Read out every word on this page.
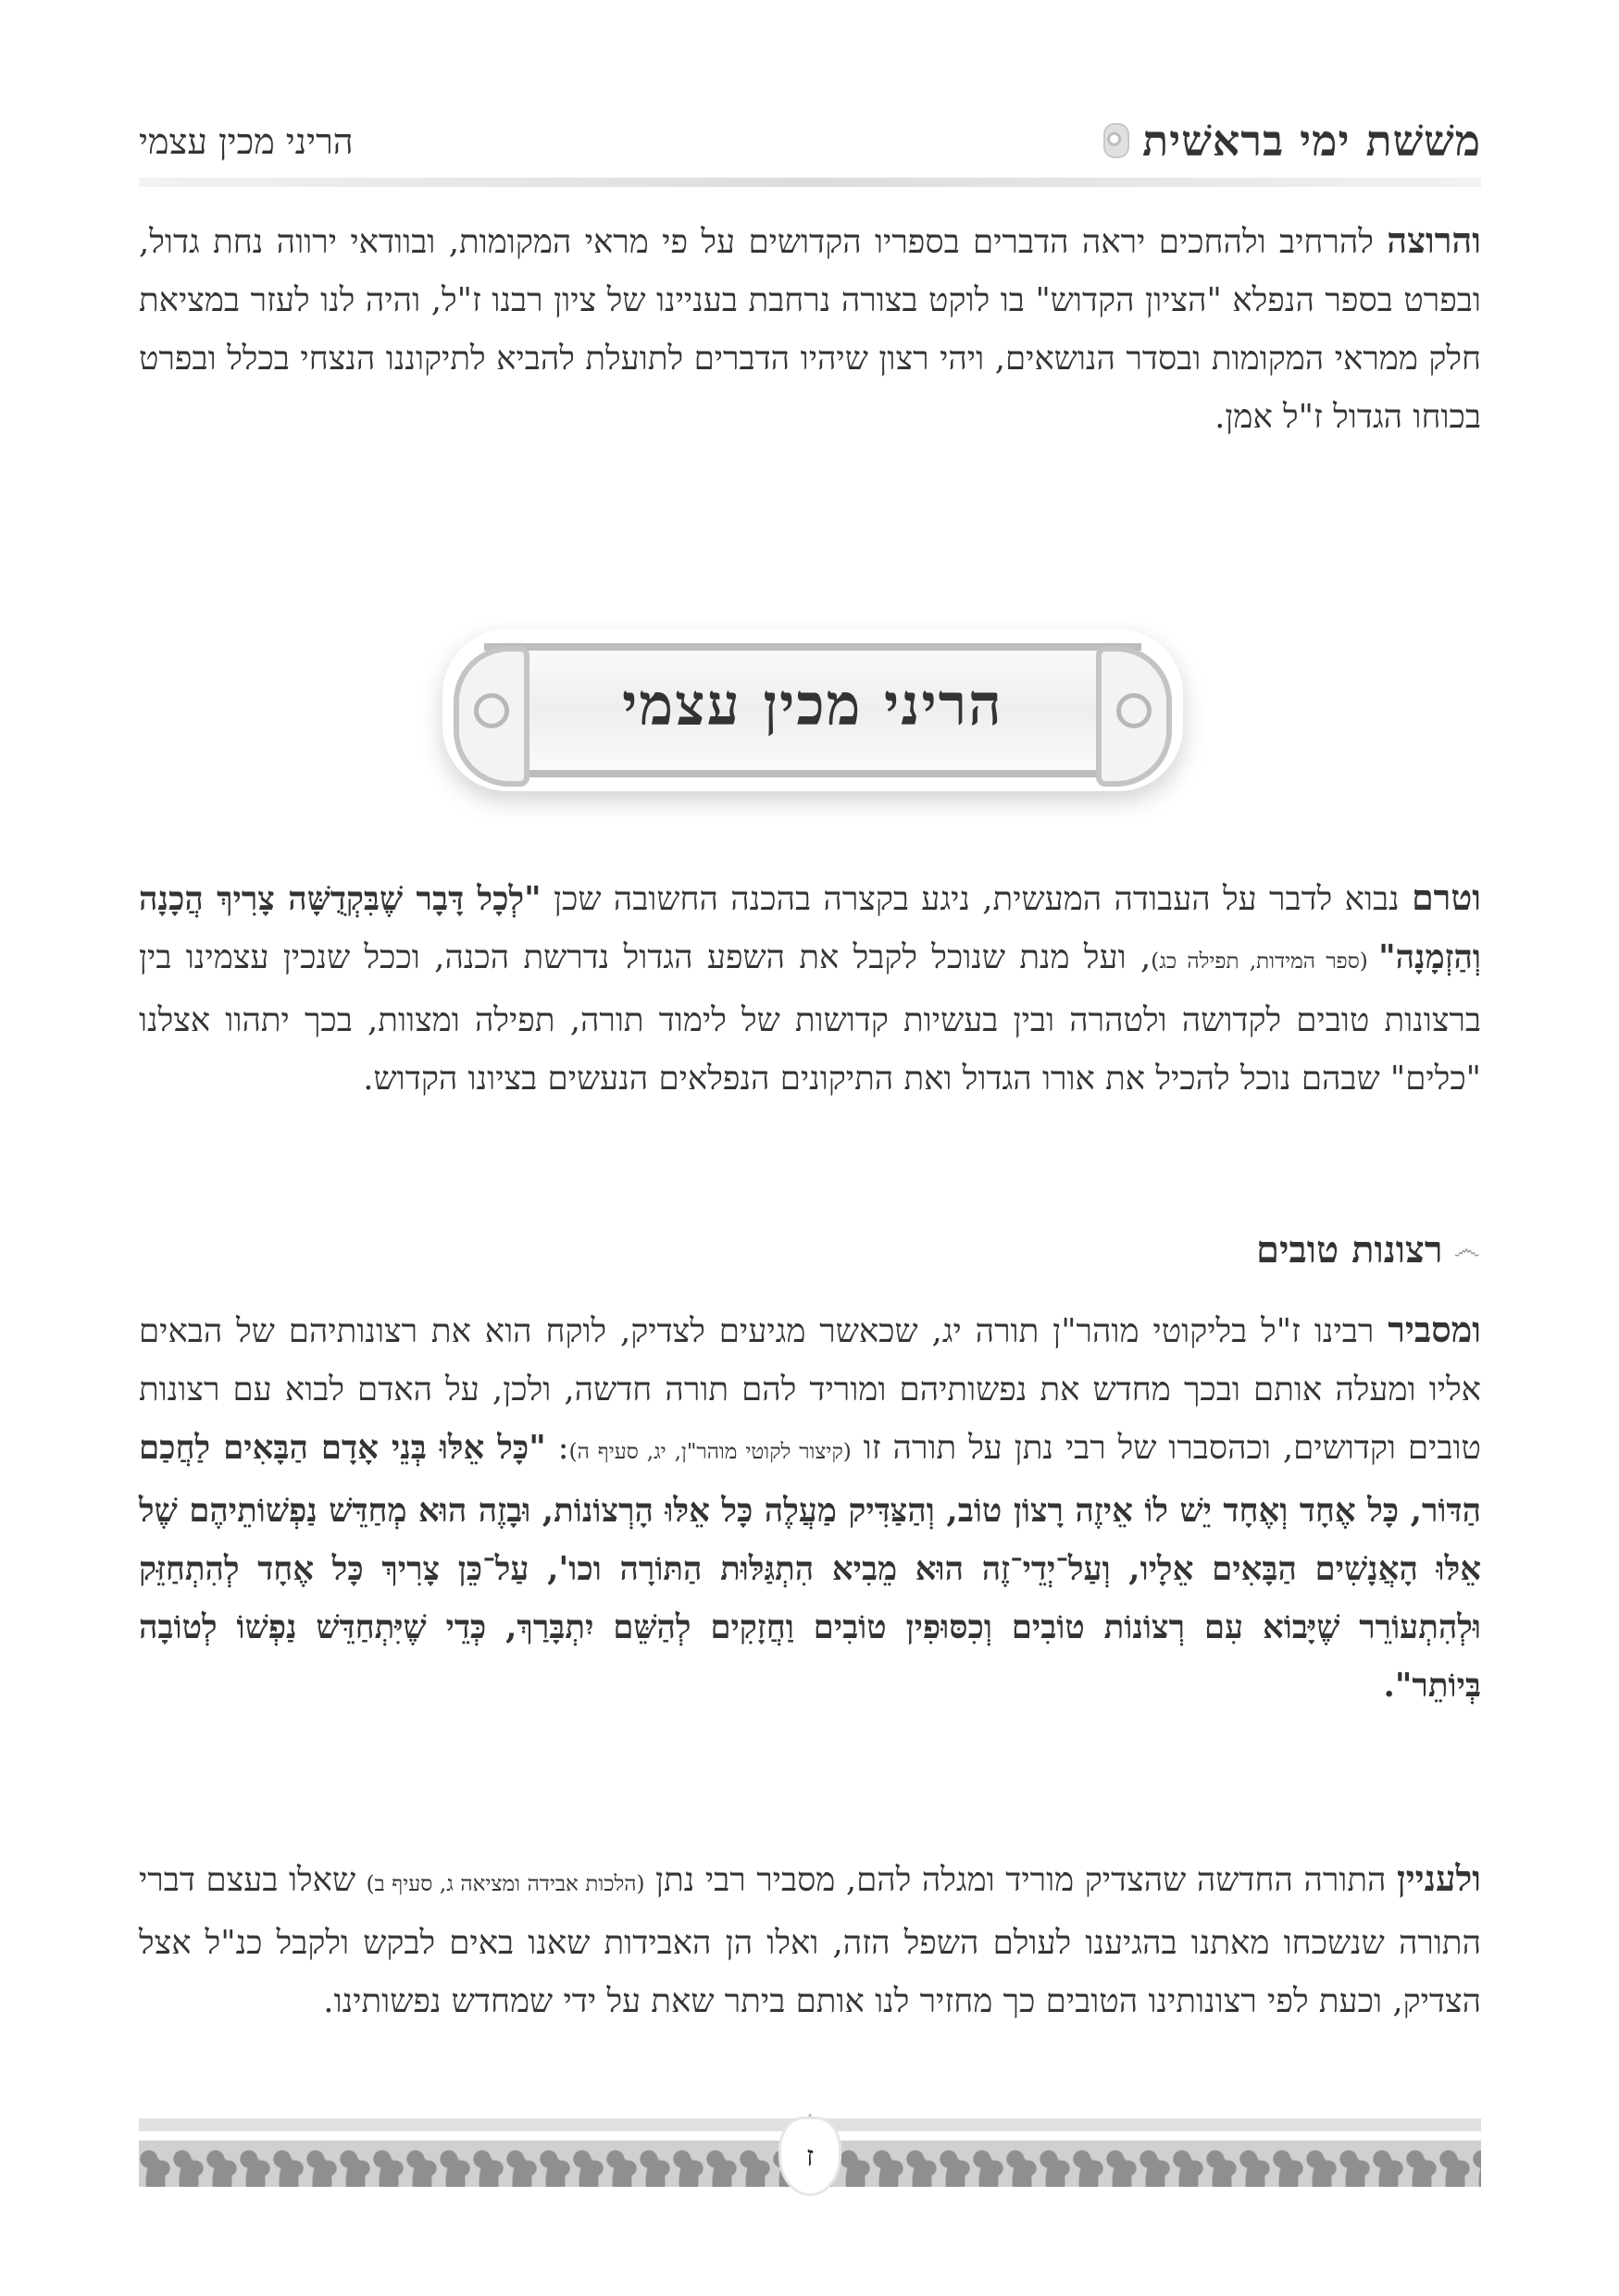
משׁשׁת ימי בראשׁית
הריני מכין עצמי

והרוצה להרחיב ולהחכים יראה הדברים בספריו הקדושים על פי מראי המקומות, ובוודאי ירווה נחת גדול, ובפרט בספר הנפלא "הציון הקדוש" בו לוקט בצורה נרחבת בעניינו של ציון רבנו ז"ל, והיה לנו לעזר במציאת חלק ממראי המקומות ובסדר הנושאים, ויהי רצון שיהיו הדברים לתועלת להביא לתיקוננו הנצחי בכלל ובפרט בכוחו הגדול ז"ל אמן.

הריני מכין עצמי

וטרם נבוא לדבר על העבודה המעשית, ניגע בקצרה בהכנה החשובה שכן "לְכָל דָּבָר שֶׁבִּקְדֻשָּׁה צָרִיךְ הֲכָנָה וְהַזְמָנָה" (ספר המידות, תפילה כג), ועל מנת שנוכל לקבל את השפע הגדול נדרשת הכנה, וככל שנכין עצמינו בין ברצונות טובים לקדושה ולטהרה ובין בעשיות קדושות של לימוד תורה, תפילה ומצוות, בכך יתהוו אצלנו "כלים" שבהם נוכל להכיל את אורו הגדול ואת התיקונים הנפלאים הנעשים בציונו הקדוש.

෴
רצונות טובים

ומסביר רבינו ז"ל בליקוטי מוהר"ן תורה יג, שכאשר מגיעים לצדיק, לוקח הוא את רצונותיהם של הבאים אליו ומעלה אותם ובכך מחדש את נפשותיהם ומוריד להם תורה חדשה, ולכן, על האדם לבוא עם רצונות טובים וקדושים, וכהסברו של רבי נתן על תורה זו (קיצור לקוטי מוהר"ן, יג, סעיף ה): "כָּל אֵלּוּ בְּנֵי אָדָם הַבָּאִים לַחֲכַם הַדּוֹר, כָּל אֶחָד וְאֶחָד יֵשׁ לוֹ אֵיזֶה רָצוֹן טוֹב, וְהַצַּדִּיק מַעֲלֶה כָּל אֵלּוּ הָרְצוֹנוֹת, וּבָזֶה הוּא מְחַדֵּשׁ נַפְשׁוֹתֵיהֶם שֶׁל אֵלּוּ הָאֲנָשִׁים הַבָּאִים אֵלָיו, וְעַל־יְדֵי־זֶה הוּא מֵבִיא הִתְגַּלּוּת הַתּוֹרָה וכו', עַל־כֵּן צָרִיךְ כָּל אֶחָד לְהִתְחַזֵּק וּלְהִתְעוֹרֵר שֶׁיָּבוֹא עִם רְצוֹנוֹת טוֹבִים וְכִסּוּפִין טוֹבִים וַחֲזָקִים לְהַשֵּׁם יִתְבָּרַךְ, כְּדֵי שֶׁיִּתְחַדֵּשׁ נַפְשׁוֹ לְטוֹבָה בְּיוֹתֵר".

ולעניין התורה החדשה שהצדיק מוריד ומגלה להם, מסביר רבי נתן (הלכות אבידה ומציאה ג, סעיף ב) שאלו בעצם דברי התורה שנשכחו מאתנו בהגיענו לעולם השפל הזה, ואלו הן האבידות שאנו באים לבקש ולקבל כנ"ל אצל הצדיק, וכעת לפי רצונותינו הטובים כך מחזיר לנו אותם ביתר שאת על ידי שמחדש נפשותינו.

ז
